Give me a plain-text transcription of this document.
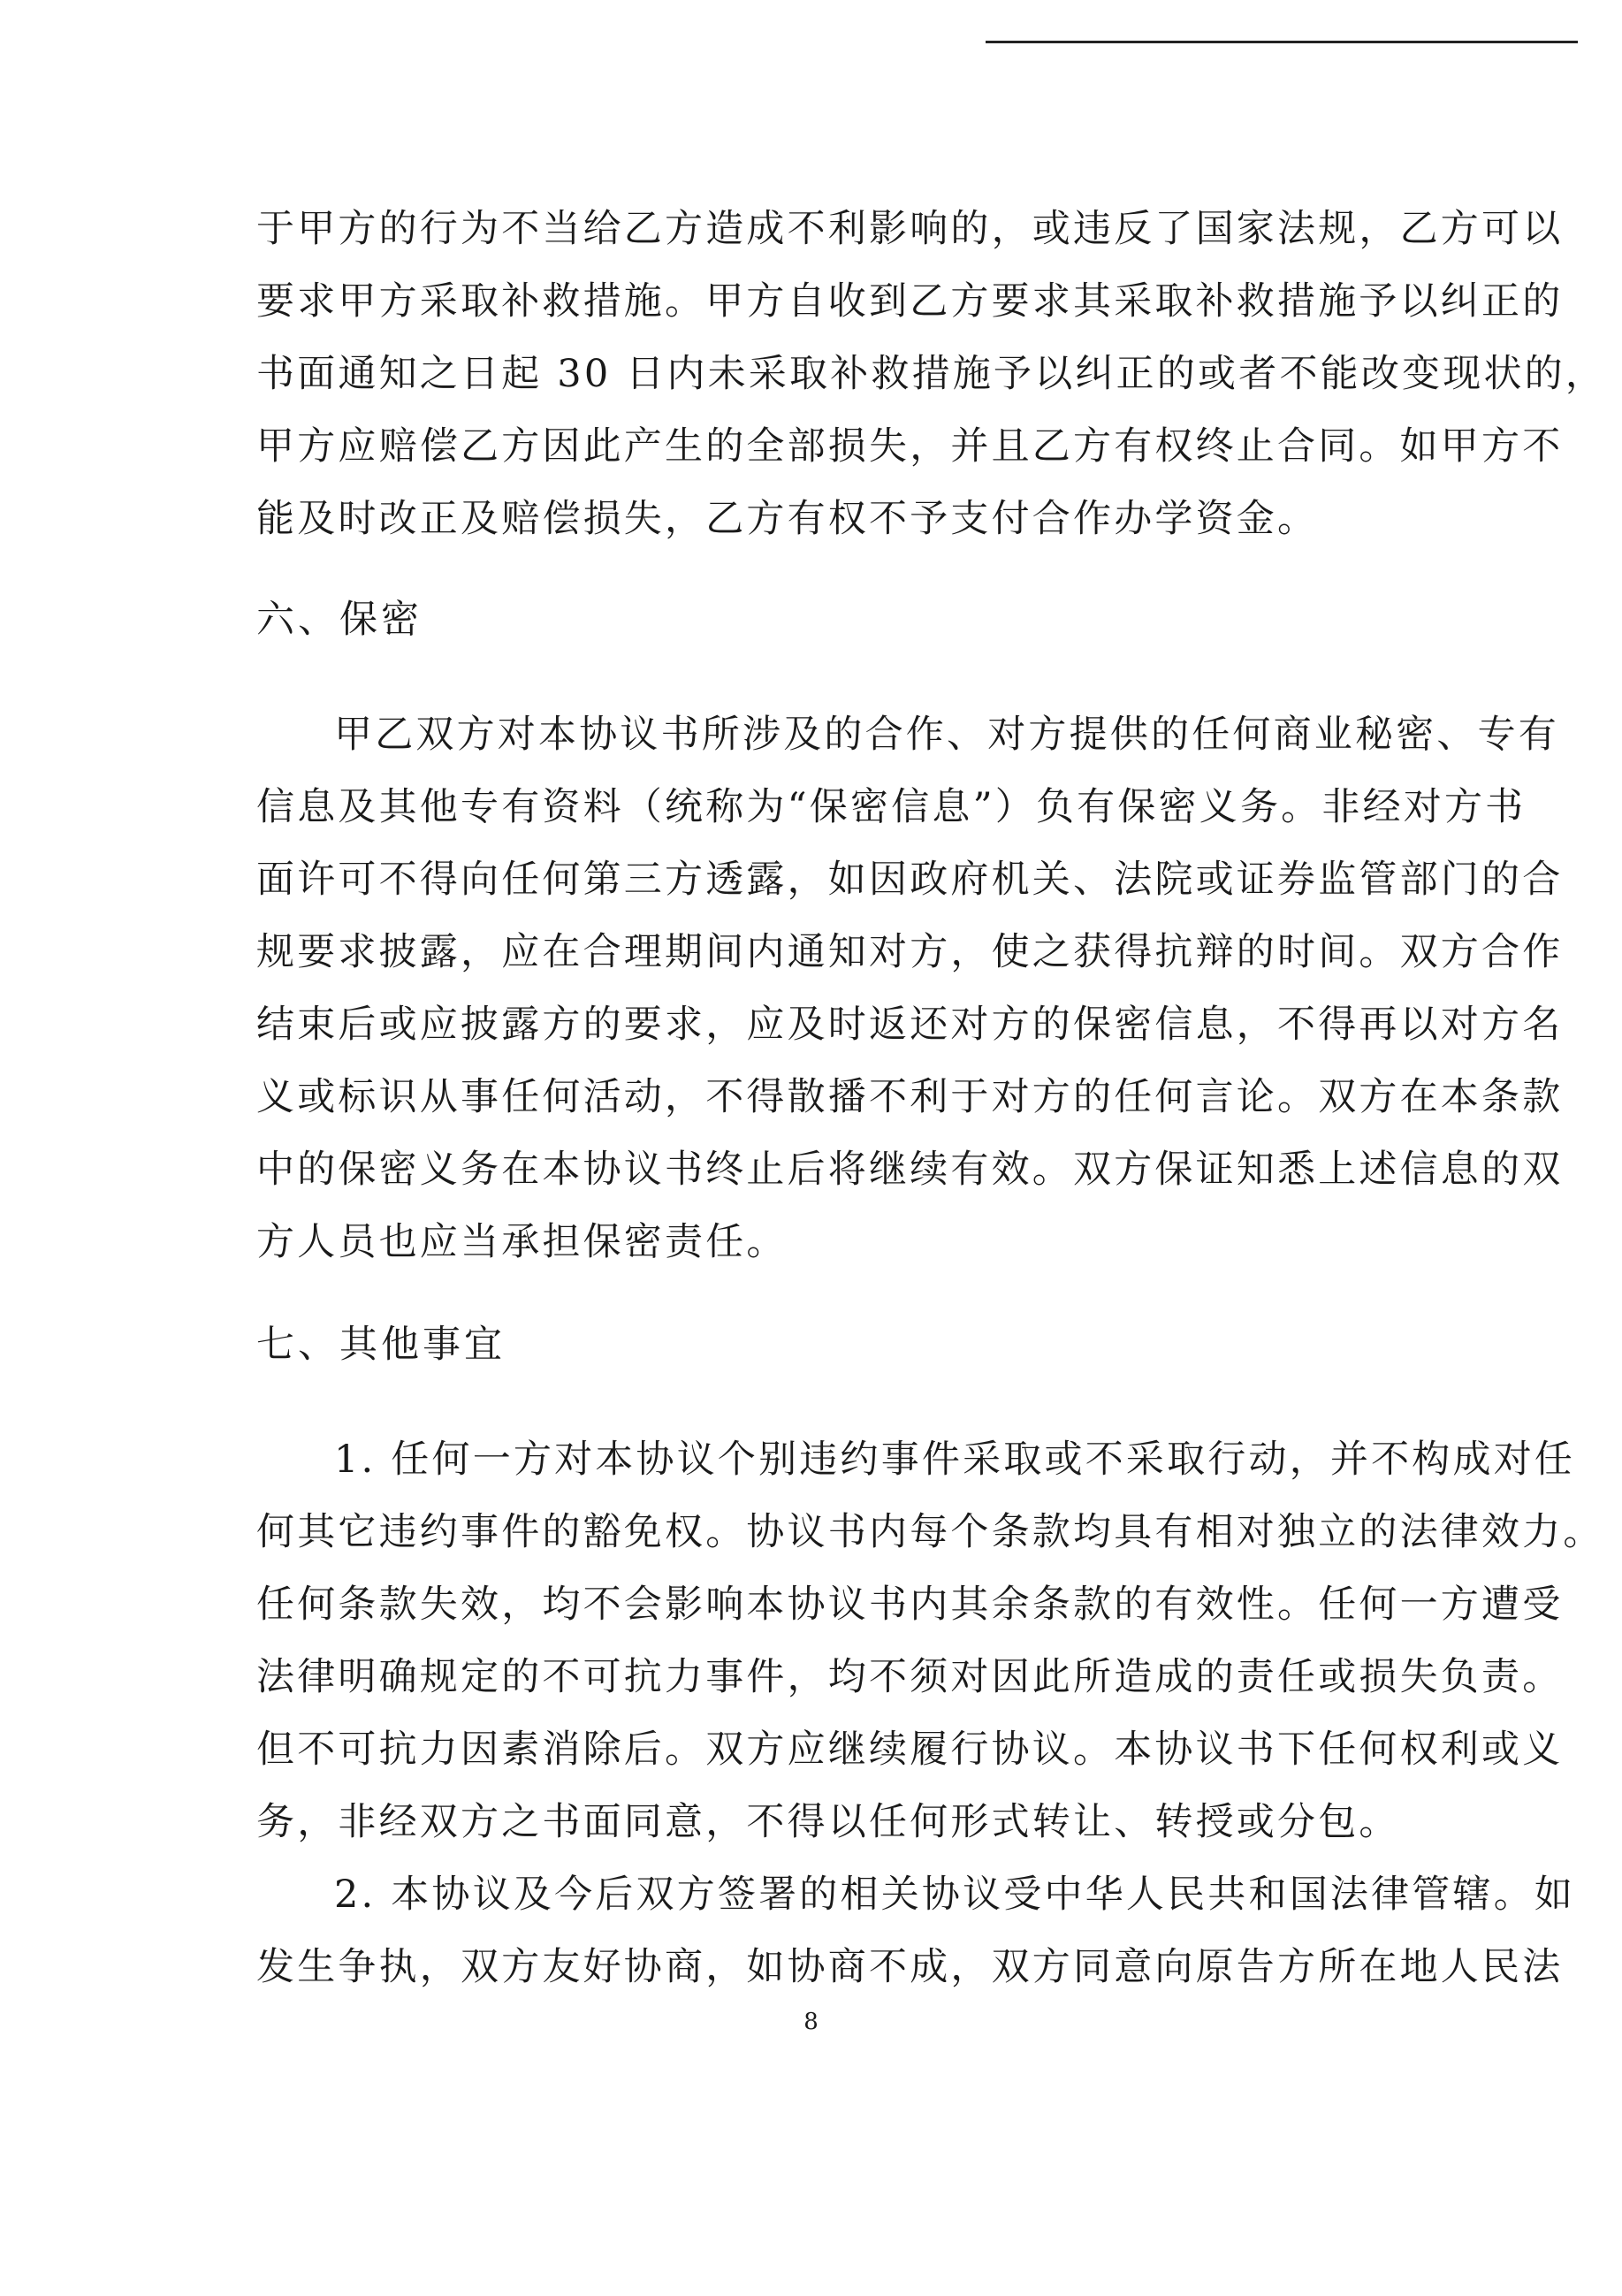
于甲方的行为不当给乙方造成不利影响的，或违反了国家法规，乙方可以
要求甲方采取补救措施。甲方自收到乙方要求其采取补救措施予以纠正的
书面通知之日起 30 日内未采取补救措施予以纠正的或者不能改变现状的，
甲方应赔偿乙方因此产生的全部损失，并且乙方有权终止合同。如甲方不
能及时改正及赔偿损失，乙方有权不予支付合作办学资金。

六、保密

甲乙双方对本协议书所涉及的合作、对方提供的任何商业秘密、专有

信息及其他专有资料（统称为“保密信息”）负有保密义务。非经对方书
面许可不得向任何第三方透露，如因政府机关、法院或证券监管部门的合
规要求披露，应在合理期间内通知对方，使之获得抗辩的时间。双方合作
结束后或应披露方的要求，应及时返还对方的保密信息，不得再以对方名
义或标识从事任何活动，不得散播不利于对方的任何言论。双方在本条款
中的保密义务在本协议书终止后将继续有效。双方保证知悉上述信息的双
方人员也应当承担保密责任。

七、其他事宜

1. 任何一方对本协议个别违约事件采取或不采取行动，并不构成对任

何其它违约事件的豁免权。协议书内每个条款均具有相对独立的法律效力。
任何条款失效，均不会影响本协议书内其余条款的有效性。任何一方遭受
法律明确规定的不可抗力事件，均不须对因此所造成的责任或损失负责。
但不可抗力因素消除后。双方应继续履行协议。本协议书下任何权利或义
务，非经双方之书面同意，不得以任何形式转让、转授或分包。

2. 本协议及今后双方签署的相关协议受中华人民共和国法律管辖。如

发生争执，双方友好协商，如协商不成，双方同意向原告方所在地人民法

8
